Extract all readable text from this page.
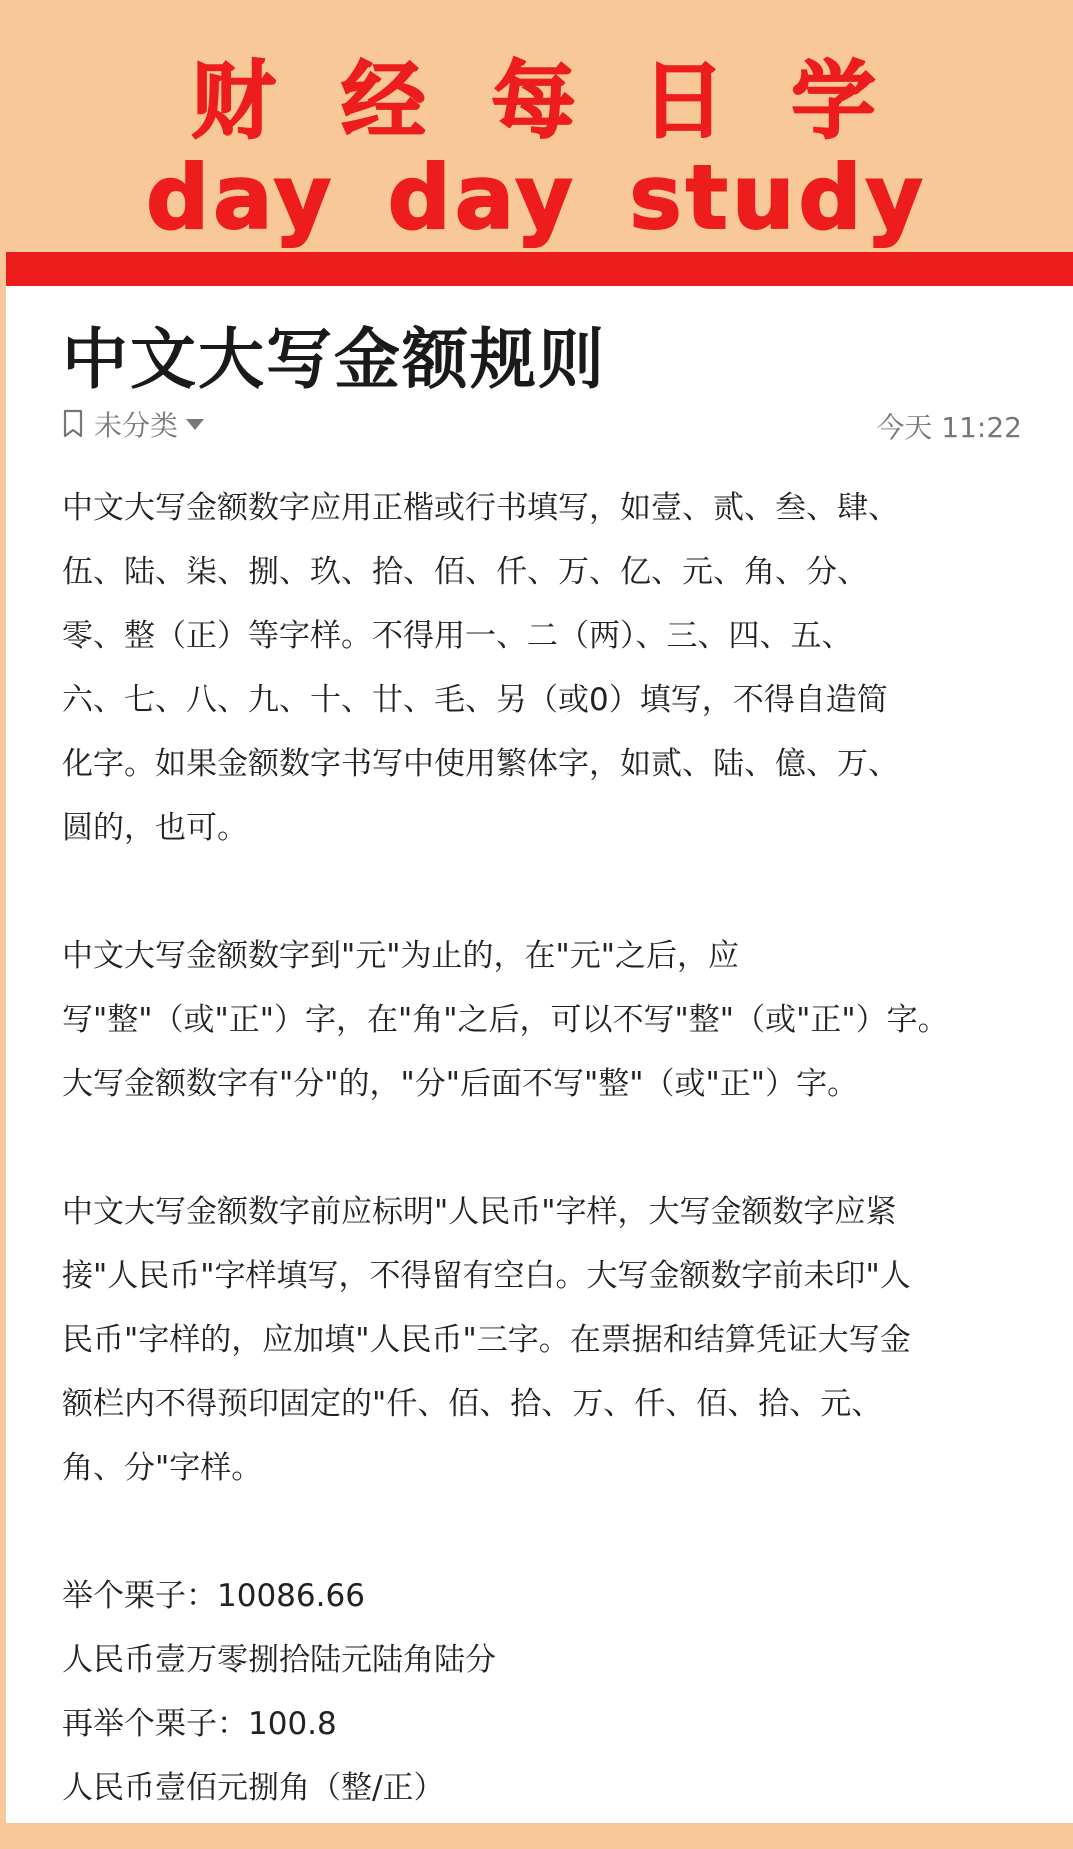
财经每日学
day day study
中文大写金额规则
未分类	今天 11:22

中文大写金额数字应用正楷或行书填写，如壹、贰、叁、肆、
伍、陆、柒、捌、玖、拾、佰、仟、万、亿、元、角、分、
零、整（正）等字样。不得用一、二（两）、三、四、五、
六、七、八、九、十、廿、毛、另（或0）填写，不得自造简
化字。如果金额数字书写中使用繁体字，如贰、陆、億、万、
圆的，也可。

中文大写金额数字到"元"为止的，在"元"之后，应
写"整"（或"正"）字，在"角"之后，可以不写"整"（或"正"）字。
大写金额数字有"分"的，"分"后面不写"整"（或"正"）字。

中文大写金额数字前应标明"人民币"字样，大写金额数字应紧
接"人民币"字样填写，不得留有空白。大写金额数字前未印"人
民币"字样的，应加填"人民币"三字。在票据和结算凭证大写金
额栏内不得预印固定的"仟、佰、拾、万、仟、佰、拾、元、
角、分"字样。

举个栗子：10086.66
人民币壹万零捌拾陆元陆角陆分
再举个栗子：100.8
人民币壹佰元捌角（整/正）
